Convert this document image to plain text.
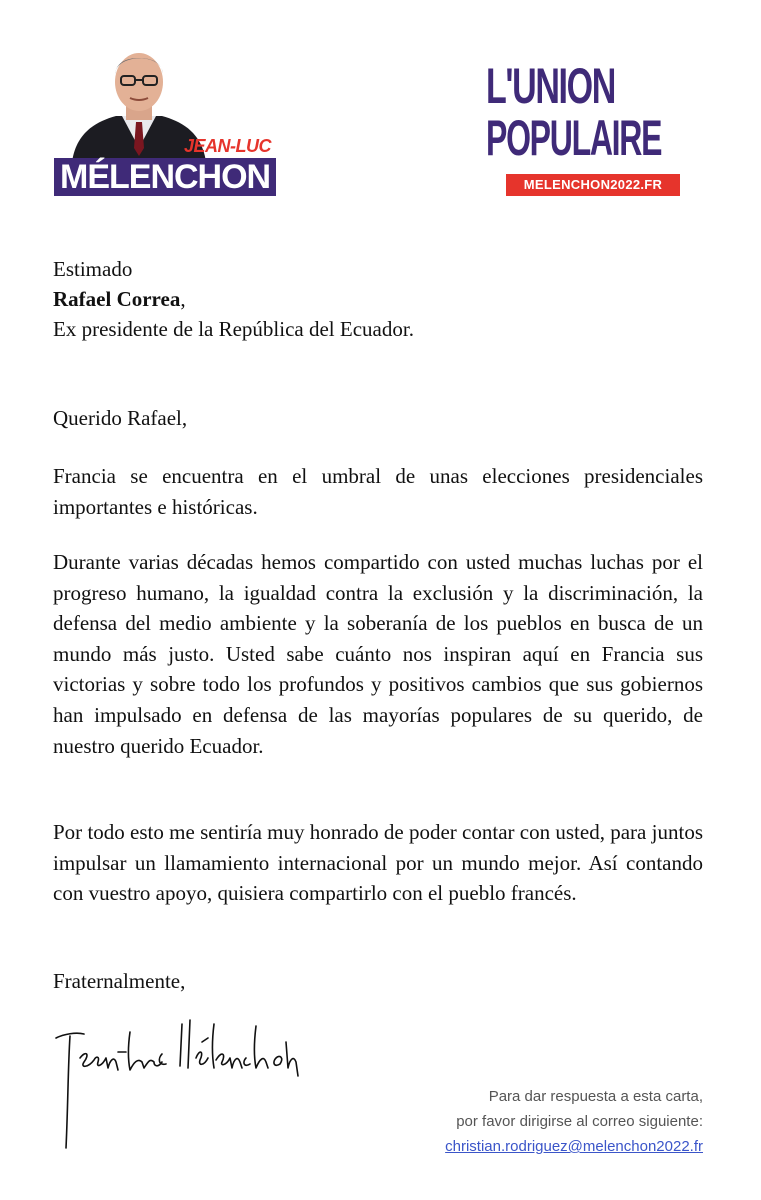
JEAN-LUC
MÉLENCHON
L'UNION
POPULAIRE
MELENCHON2022.FR
Estimado
Rafael Correa,
Ex presidente de la República del Ecuador.
Querido Rafael,
Francia se encuentra en el umbral de unas elecciones presidenciales importantes e históricas.
Durante varias décadas hemos compartido con usted muchas luchas por el progreso humano, la igualdad contra la exclusión y la discriminación, la defensa del medio ambiente y la soberanía de los pueblos en busca de un mundo más justo. Usted sabe cuánto nos inspiran aquí en Francia sus victorias y sobre todo los profundos y positivos cambios que sus gobiernos han impulsado en defensa de las mayorías populares de su querido, de nuestro querido Ecuador.
Por todo esto me sentiría muy honrado de poder contar con usted, para juntos impulsar un llamamiento internacional por un mundo mejor. Así contando con vuestro apoyo, quisiera compartirlo con el pueblo francés.
Fraternalmente,
Para dar respuesta a esta carta,
por favor dirigirse al correo siguiente:
christian.rodriguez@melenchon2022.fr
